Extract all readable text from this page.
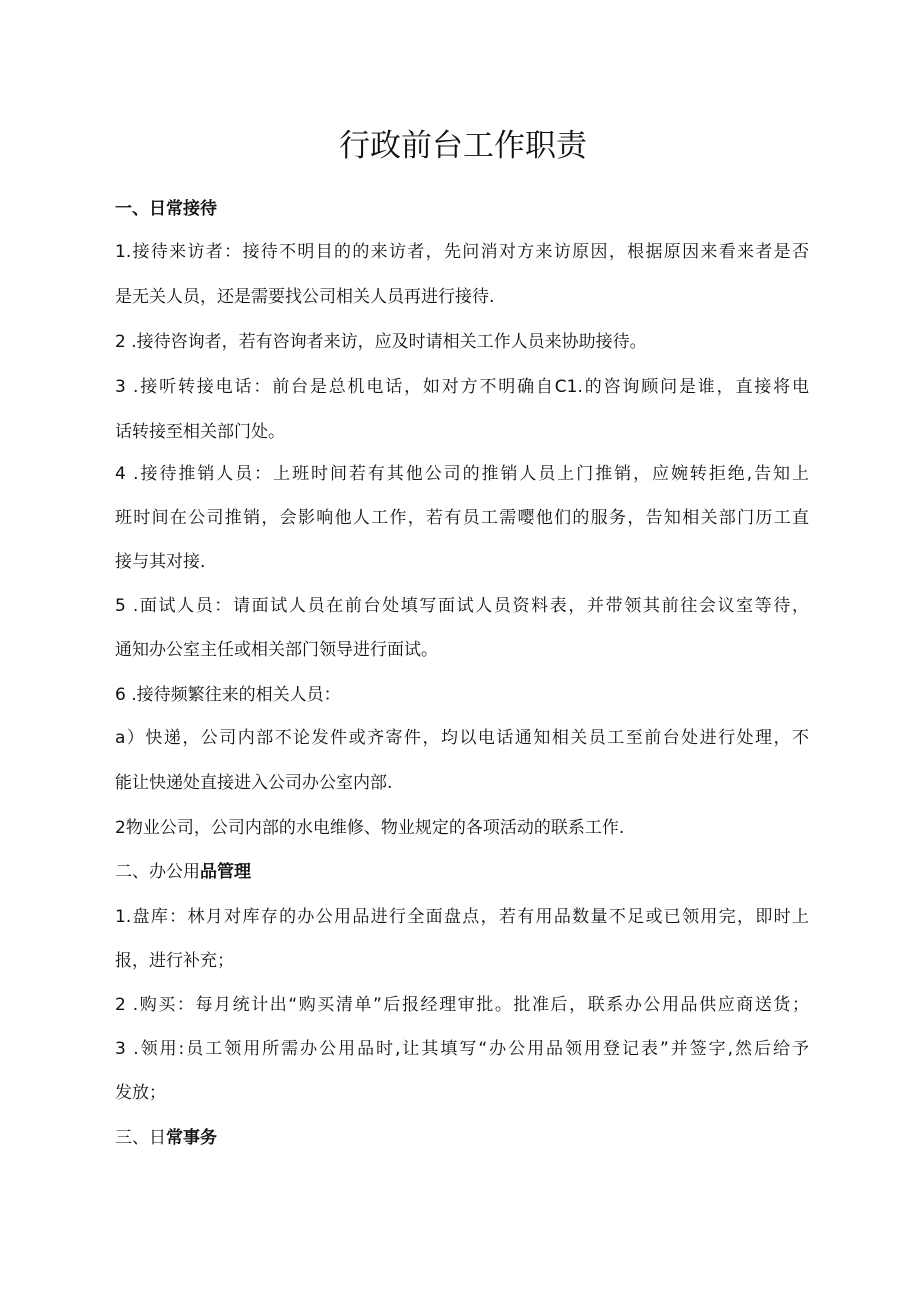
行政前台工作职责
一、日常接待
1.接待来访者：接待不明目的的来访者，先问消对方来访原因，根据原因来看来者是否
是无关人员，还是需要找公司相关人员再进行接待.
2 .接待咨询者，若有咨询者来访，应及时请相关工作人员来协助接待。
3 .接听转接电话：前台是总机电话，如对方不明确自C1.的咨询顾问是谁，直接将电
话转接至相关部门处。
4 .接待推销人员：上班时间若有其他公司的推销人员上门推销，应婉转拒绝,告知上
班时间在公司推销，会影响他人工作，若有员工需嘤他们的服务，告知相关部门历工直
接与其对接.
5 .面试人员：请面试人员在前台处填写面试人员资料表，并带领其前往会议室等待，
通知办公室主任或相关部门领导进行面试。
6 .接待频繁往来的相关人员：
a）快递，公司内部不论发件或齐寄件，均以电话通知相关员工至前台处进行处理，不
能让快递处直接进入公司办公室内部.
2物业公司，公司内部的水电维修、物业规定的各项活动的联系工作.
二、办公用品管理
1.盘库：林月对库存的办公用品进行全面盘点，若有用品数量不足或已领用完，即时上
报，进行补充；
2 .购买：每月统计出“购买清单”后报经理审批。批准后，联系办公用品供应商送货；
3 .领用:员工领用所需办公用品时,让其填写“办公用品领用登记表”并签字,然后给予
发放；
三、日常事务
